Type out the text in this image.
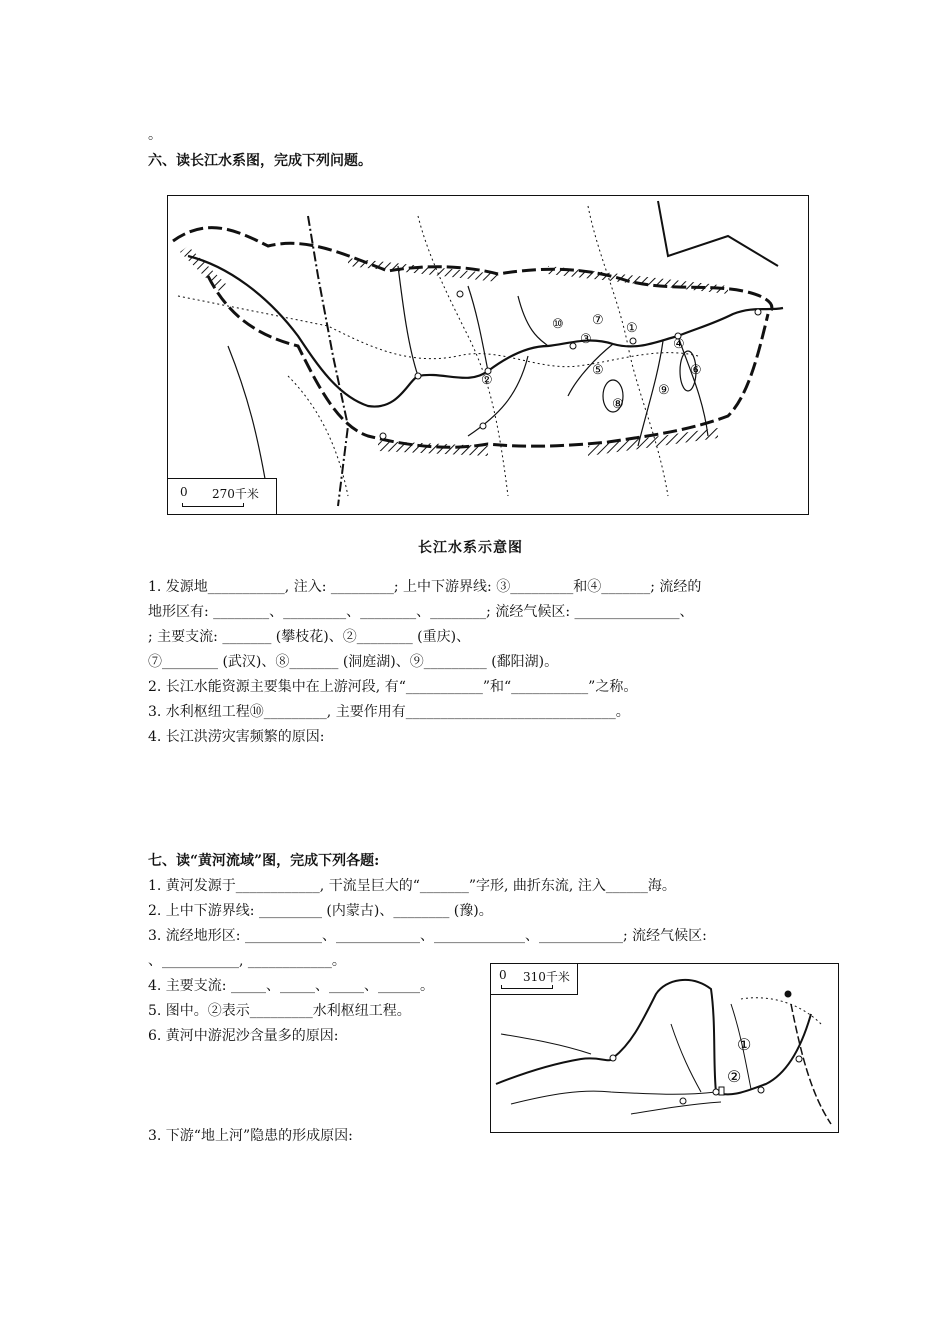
。
六、读长江水系图，完成下列问题。
⑩ ⑦
①
③	④
⑤
②
⑥
⑨
⑧
0 270千米
长江水系示意图
1. 发源地___________, 注入: _________; 上中下游界线: ③_________和④_______; 流经的
地形区有: ________、_________、________、________; 流经气候区: _______________、
; 主要支流: _______ (攀枝花)、②________ (重庆)、
⑦________ (武汉)、⑧_______ (洞庭湖)、⑨_________ (鄱阳湖)。
2. 长江水能资源主要集中在上游河段, 有“___________”和“___________”之称。
3. 水利枢纽工程⑩_________, 主要作用有______________________________。
4. 长江洪涝灾害频繁的原因:
七、读“黄河流域”图，完成下列各题:
1. 黄河发源于____________, 干流呈巨大的“_______”字形, 曲折东流, 注入______海。
2. 上中下游界线: _________ (内蒙古)、________ (豫)。
3. 流经地形区: ___________、____________、_____________、____________; 流经气候区:
、___________, ____________。
4. 主要支流: _____、_____、_____、______。
5. 图中。②表示_________水利枢纽工程。
6. 黄河中游泥沙含量多的原因:
3. 下游“地上河”隐患的形成原因:
①
②
0 310千米
